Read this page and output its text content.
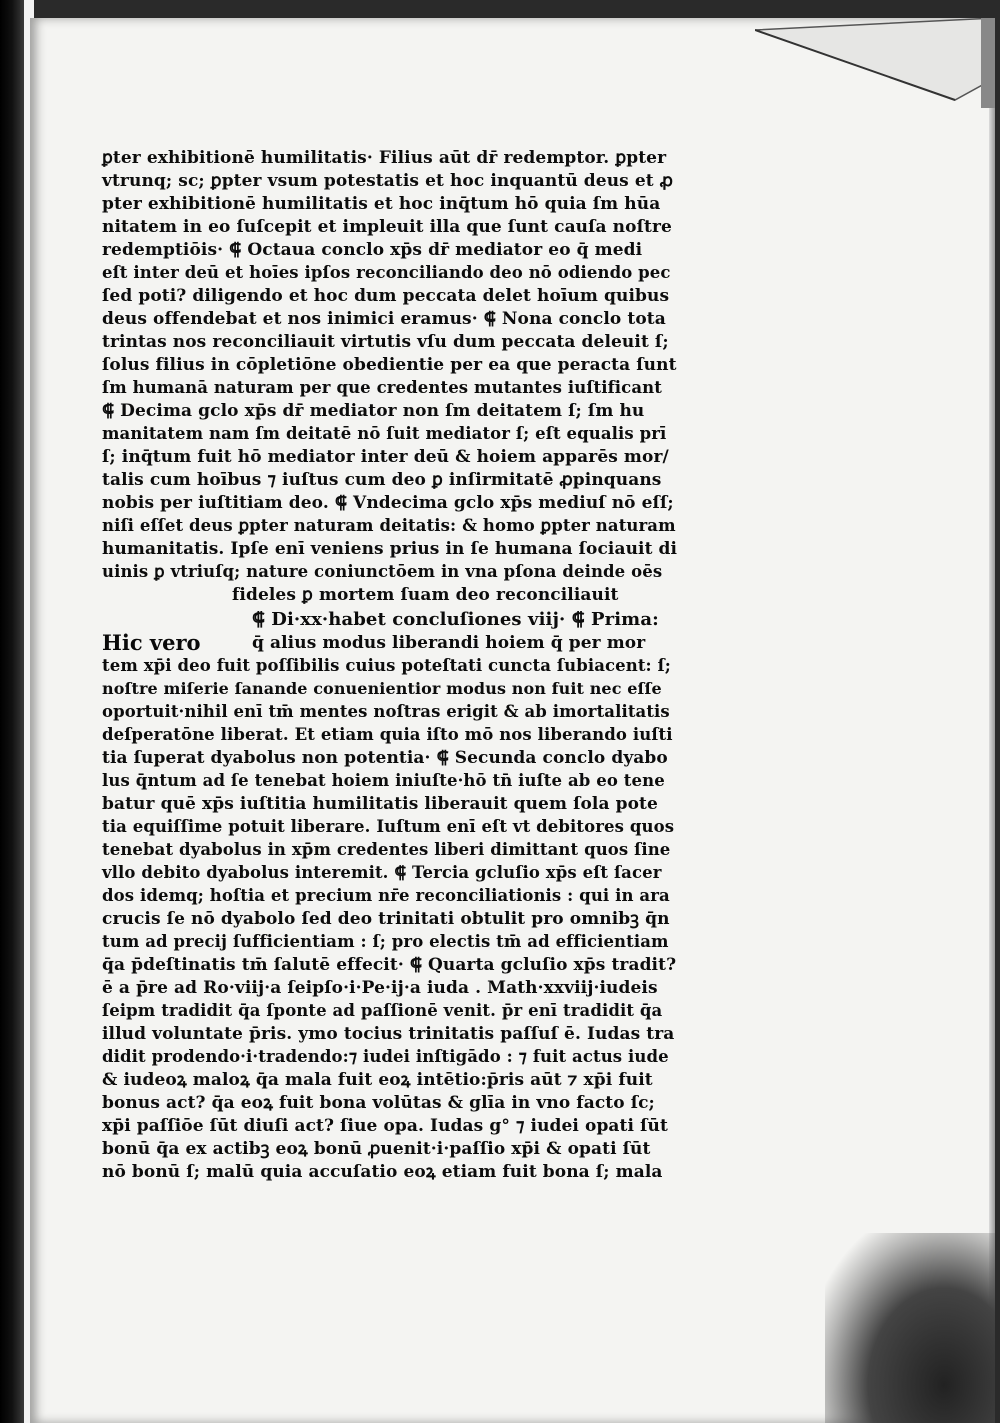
ꝑter exhibitionē humilitatis· Filius aūt dr̄ redemptor. ꝑpter
vtrunq; sc; ꝑpter vsum potestatis et hoc inquantū deus et ꝓ
pter exhibitionē humilitatis et hoc inq̄tum hō quia ſm hūa
nitatem in eo ſuſcepit et impleuit illa que ſunt cauſa noſtre
redemptiōis· ⸿ Octaua conclo xp̄s dr̄ mediator eo q̄ medi
eſt inter deū et hoīes ipſos reconciliando deo nō odiendo pec
ſed poti? diligendo et hoc dum peccata delet hoīum quibus
deus offendebat et nos inimici eramus· ⸿ Nona conclo tota
trintas nos reconciliauit virtutis vſu dum peccata deleuit ſ;
ſolus filius in cōpletiōne obedientie per ea que peracta ſunt
ſm humanā naturam per que credentes mutantes iuſtificant
⸿ Decima gclo xp̄s dr̄ mediator non ſm deitatem ſ; ſm hu
manitatem nam ſm deitatē nō ſuit mediator ſ; eſt equalis prī
ſ; inq̄tum fuit hō mediator inter deū & hoiem apparēs mor/
talis cum hoībus ⁊ iuſtus cum deo ꝑ inſirmitatē ꝓpinquans
nobis per iuſtitiam deo. ⸿ Vndecima gclo xp̄s mediuſ nō eſſ;
niſi eſſet deus ꝑpter naturam deitatis: & homo ꝑpter naturam
humanitatis. Ipſe enī veniens prius in ſe humana ſociauit di
uinis ꝑ vtriuſq; nature coniunctōem in vna pſona deinde oēs
fideles ꝑ mortem ſuam deo reconciliauit
Hic vero
⸿ Di·xx·habet concluſiones viij· ⸿ Prima:
q̄ alius modus liberandi hoiem q̄ per mor
tem xp̄i deo fuit poſſibilis cuius poteſtati cuncta ſubiacent: ſ;
noſtre miſerie ſanande conuenientior modus non fuit nec eſſe
oportuit·nihil enī tm̄ mentes noſtras erigit & ab imortalitatis
deſperatōne liberat. Et etiam quia iſto mō nos liberando iuſti
tia ſuperat dyabolus non potentia· ⸿ Secunda conclo dyabo
lus q̄ntum ad ſe tenebat hoiem iniuſte·hō tn̄ iuſte ab eo tene
batur quē xp̄s iuſtitia humilitatis liberauit quem ſola pote
tia equiſſime potuit liberare. Iuſtum enī eſt vt debitores quos
tenebat dyabolus in xp̄m credentes liberi dimittant quos ſine
vllo debito dyabolus interemit. ⸿ Tercia gcluſio xp̄s eſt ſacer
dos idemq; hoſtia et precium nr̄e reconciliationis : qui in ara
crucis ſe nō dyabolo ſed deo trinitati obtulit pro omnibꝫ q̄n
tum ad precij ſufficientiam : ſ; pro electis tm̄ ad efficientiam
q̄a p̄deſtinatis tm̄ ſalutē effecit· ⸿ Quarta gcluſio xp̄s tradit?
ē a p̄re ad Ro·viij·a ſeipſo·i·Pe·ij·a iuda . Math·xxviij·iudeis
ſeipm tradidit q̄a ſponte ad paſſionē venit. p̄r enī tradidit q̄a
illud voluntate p̄ris. ymo tocius trinitatis paſſuſ ē. Iudas tra
didit prodendo·i·tradendo:⁊ iudei inſtigādo : ⁊ fuit actus iude
& iudeoꝝ maloꝝ q̄a mala fuit eoꝝ intētio:p̄ris aūt ⁊ xp̄i fuit
bonus act? q̄a eoꝝ fuit bona volūtas & glīa in vno facto ſc;
xp̄i paſſiōe ſūt diuſi act? ſiue opa. Iudas g° ⁊ iudei opati ſūt
bonū q̄a ex actibꝫ eoꝝ bonū ꝓuenit·i·paſſio xp̄i & opati ſūt
nō bonū ſ; malū quia accuſatio eoꝝ etiam fuit bona ſ; mala
